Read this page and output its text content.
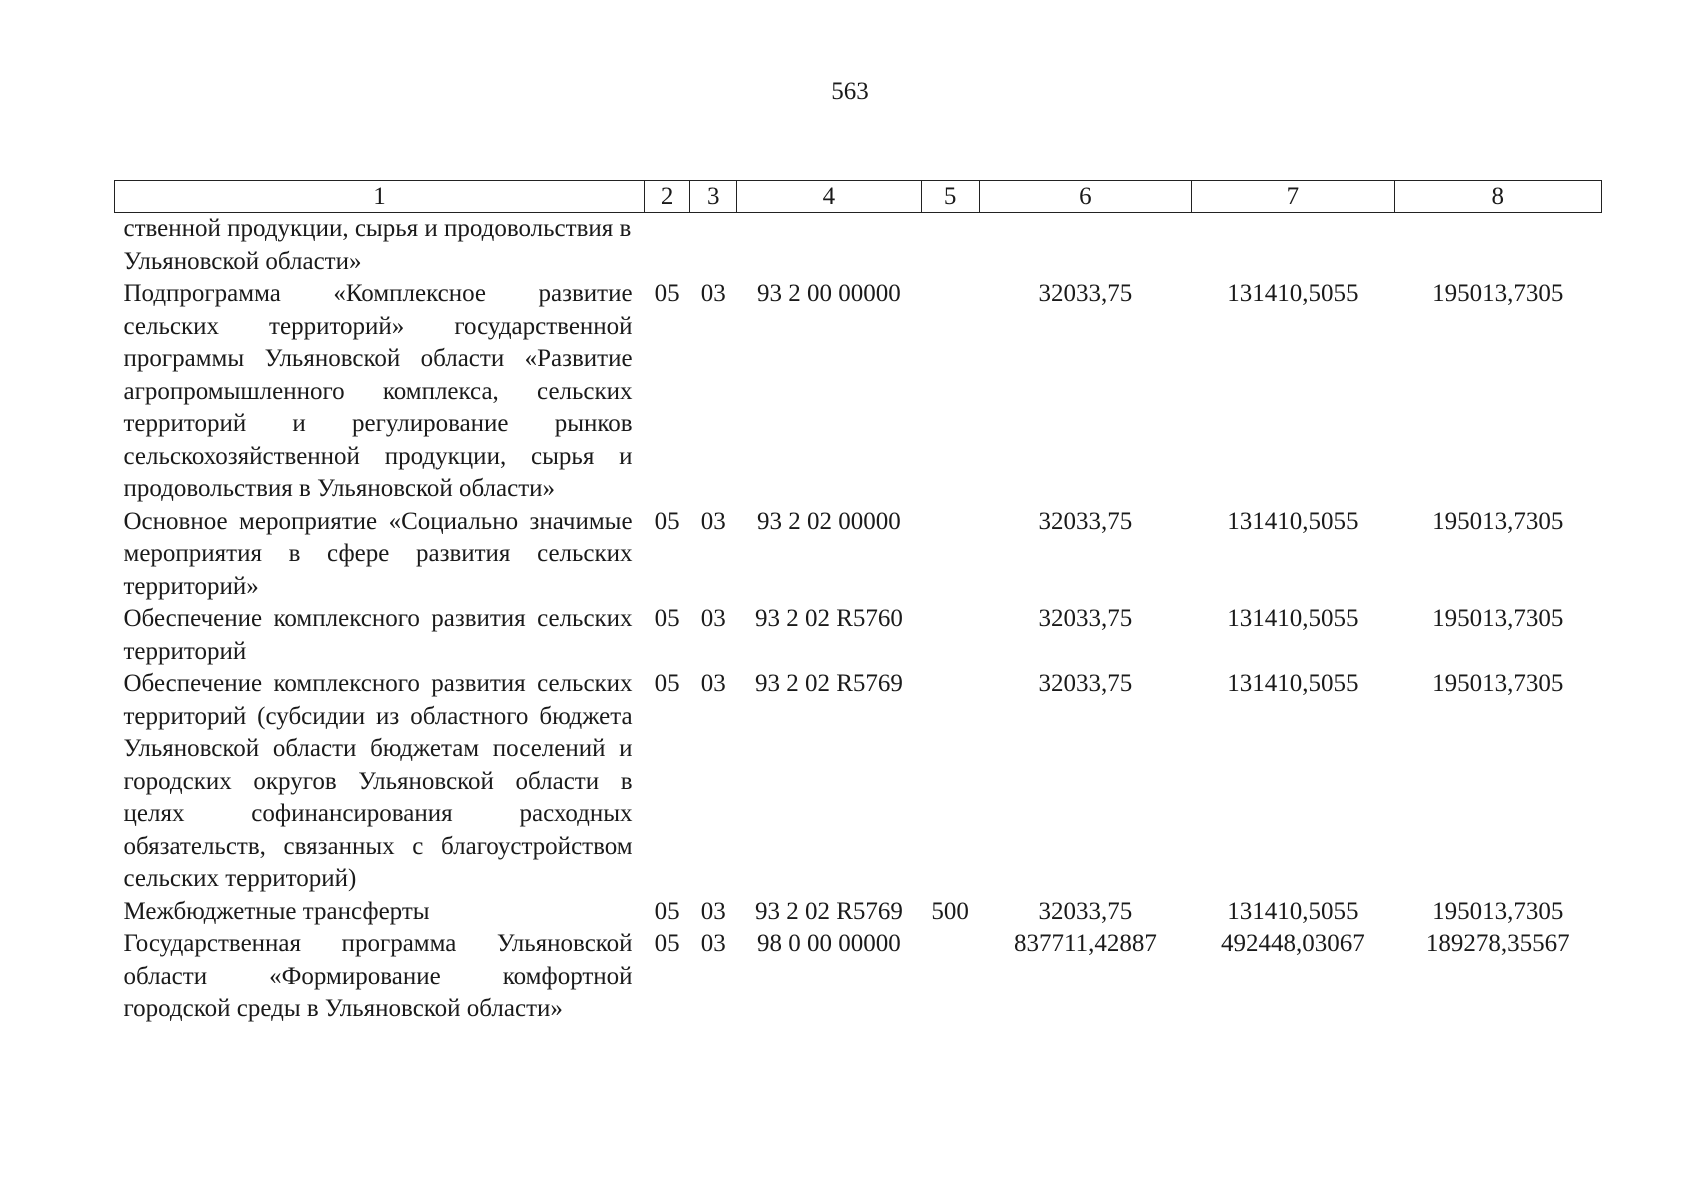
563
1	2	3	4	5	6	7	8
ственной продукции, сырья и продовольствия в Ульяновской области»							
Подпрограмма «Комплексное развитие сельских территорий» государственной программы Ульяновской области «Развитие агропромышленного комплекса, сельских территорий и регулирование рынков сельскохозяйственной продукции, сырья и продовольствия в Ульяновской области»	05	03	93 2 00 00000		32033,75	131410,5055	195013,7305
Основное мероприятие «Социально значимые мероприятия в сфере развития сельских территорий»	05	03	93 2 02 00000		32033,75	131410,5055	195013,7305
Обеспечение комплексного развития сельских территорий	05	03	93 2 02 R5760		32033,75	131410,5055	195013,7305
Обеспечение комплексного развития сельских территорий (субсидии из областного бюджета Ульяновской области бюджетам поселений и городских округов Ульяновской области в целях софинансирования расходных обязательств, связанных с благоустройством сельских территорий)	05	03	93 2 02 R5769		32033,75	131410,5055	195013,7305
Межбюджетные трансферты	05	03	93 2 02 R5769	500	32033,75	131410,5055	195013,7305
Государственная программа Ульяновской области «Формирование комфортной городской среды в Ульяновской области»	05	03	98 0 00 00000		837711,42887	492448,03067	189278,35567
